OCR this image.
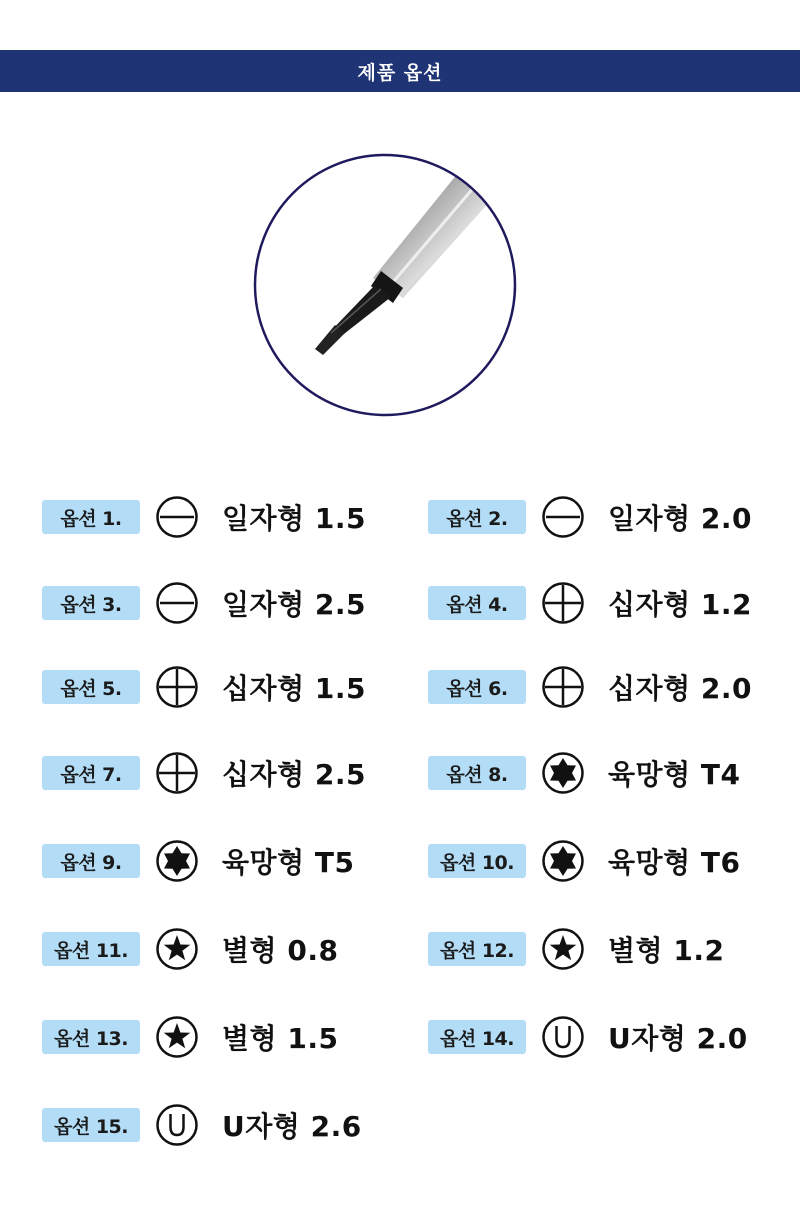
제품 옵션
옵션 1.	일자형 1.5	옵션 2.	일자형 2.0
옵션 3.	일자형 2.5	옵션 4.	십자형 1.2
옵션 5.	십자형 1.5	옵션 6.	십자형 2.0
옵션 7.	십자형 2.5	옵션 8.	육망형 T4
옵션 9.	육망형 T5	옵션 10.	육망형 T6
옵션 11.	별형 0.8	옵션 12.	별형 1.2
옵션 13.	별형 1.5	옵션 14.	U자형 2.0
옵션 15.	U자형 2.6
